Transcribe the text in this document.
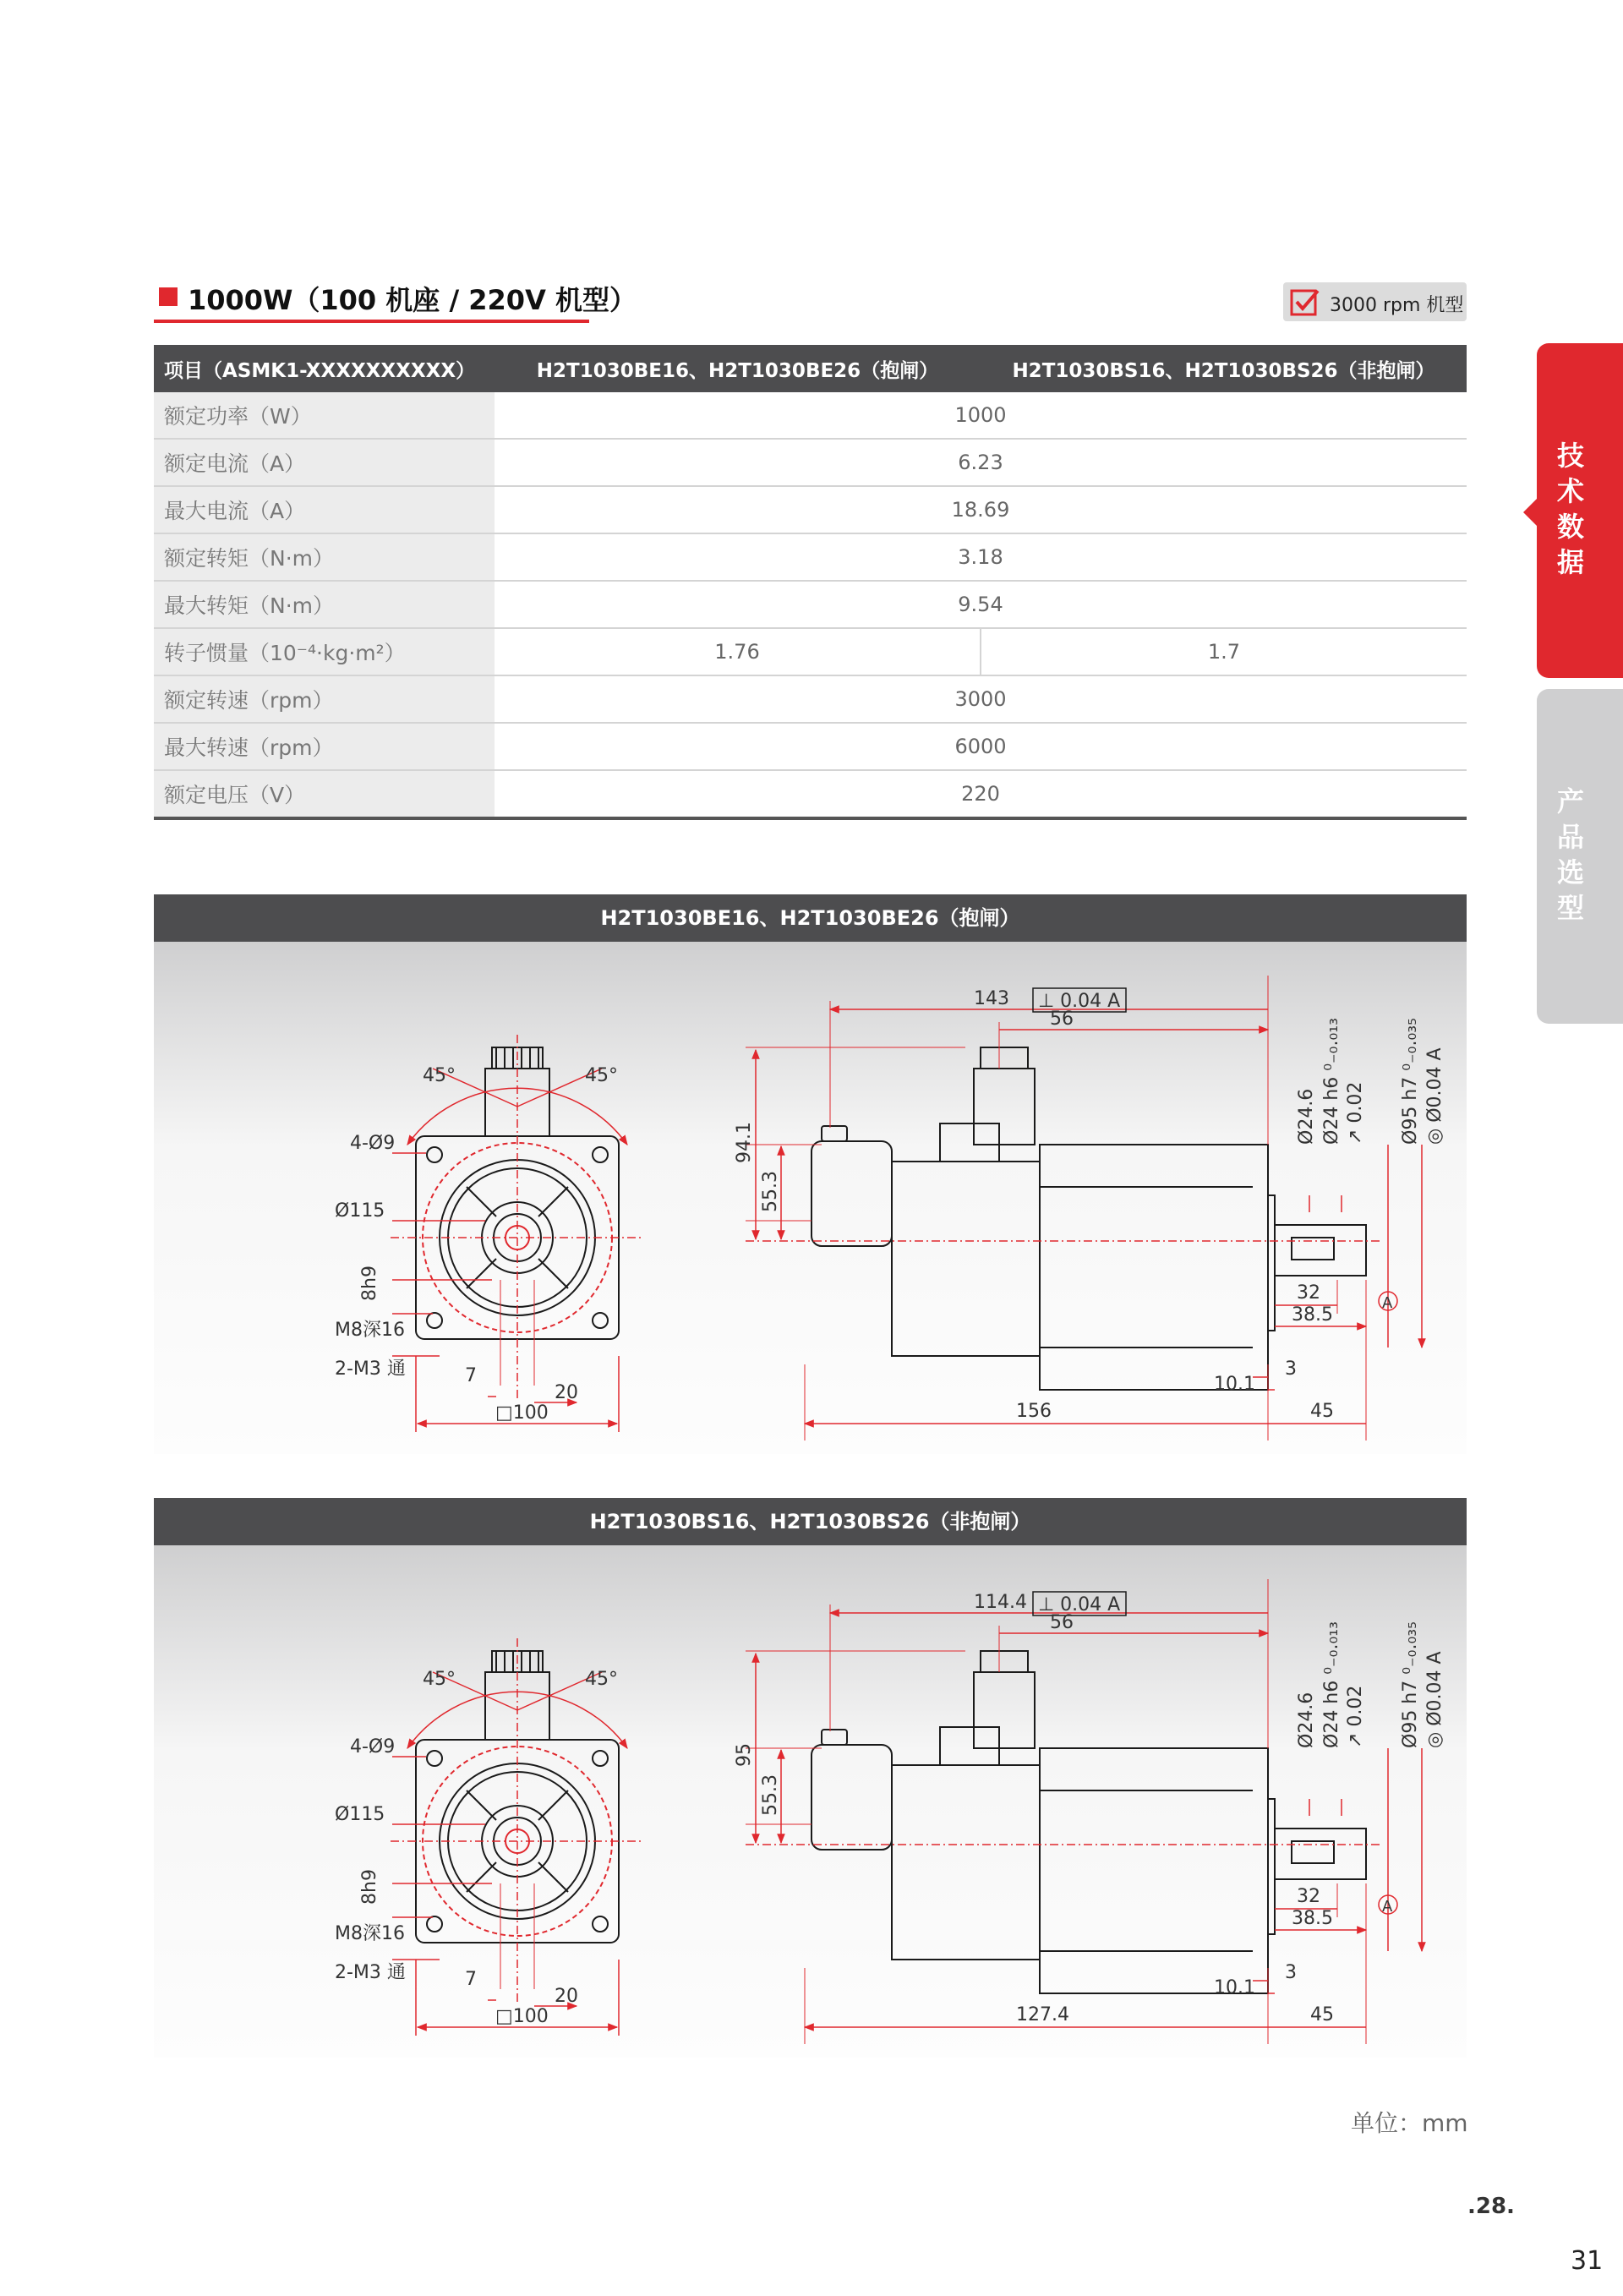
1000W（100 机座 / 220V 机型）	3000 rpm 机型
项目（ASMK1-XXXXXXXXXX）	H2T1030BE16、H2T1030BE26（抱闸）	H2T1030BS16、H2T1030BS26（非抱闸）
额定功率（W）	1000	
额定电流（A）	6.23	
最大电流（A）	18.69	
额定转矩（N·m）	3.18	
最大转矩（N·m）	9.54	
转子惯量（10⁻⁴·kg·m²）	1.76	1.7
额定转速（rpm）	3000	
最大转速（rpm）	6000	
额定电压（V）	220	
H2T1030BE16、H2T1030BE26（抱闸）
45°	45°
4-Ø9
Ø115
8h9
M8深16
2-M3 通	7
20
□100
⊥ 0.04 A
143
56
94.1
55.3
Ø24.6 Ø24 h6 ⁰₋₀.₀₁₃ ↗ 0.02 Ø95 h7 ⁰₋₀.₀₃₅ ◎ Ø0.04 A
32
38.5
A
3
10.1
156	45
H2T1030BS16、H2T1030BS26（非抱闸）
45°	45°
4-Ø9
Ø115
8h9
M8深16
2-M3 通	7
20
□100
⊥ 0.04 A
114.4
56
95
55.3
Ø24.6 Ø24 h6 ⁰₋₀.₀₁₃ ↗ 0.02 Ø95 h7 ⁰₋₀.₀₃₅ ◎ Ø0.04 A
32
38.5
A
3
10.1
127.4	45
技
术
数
据
产
品
选
型
单位：mm
.28.
31
